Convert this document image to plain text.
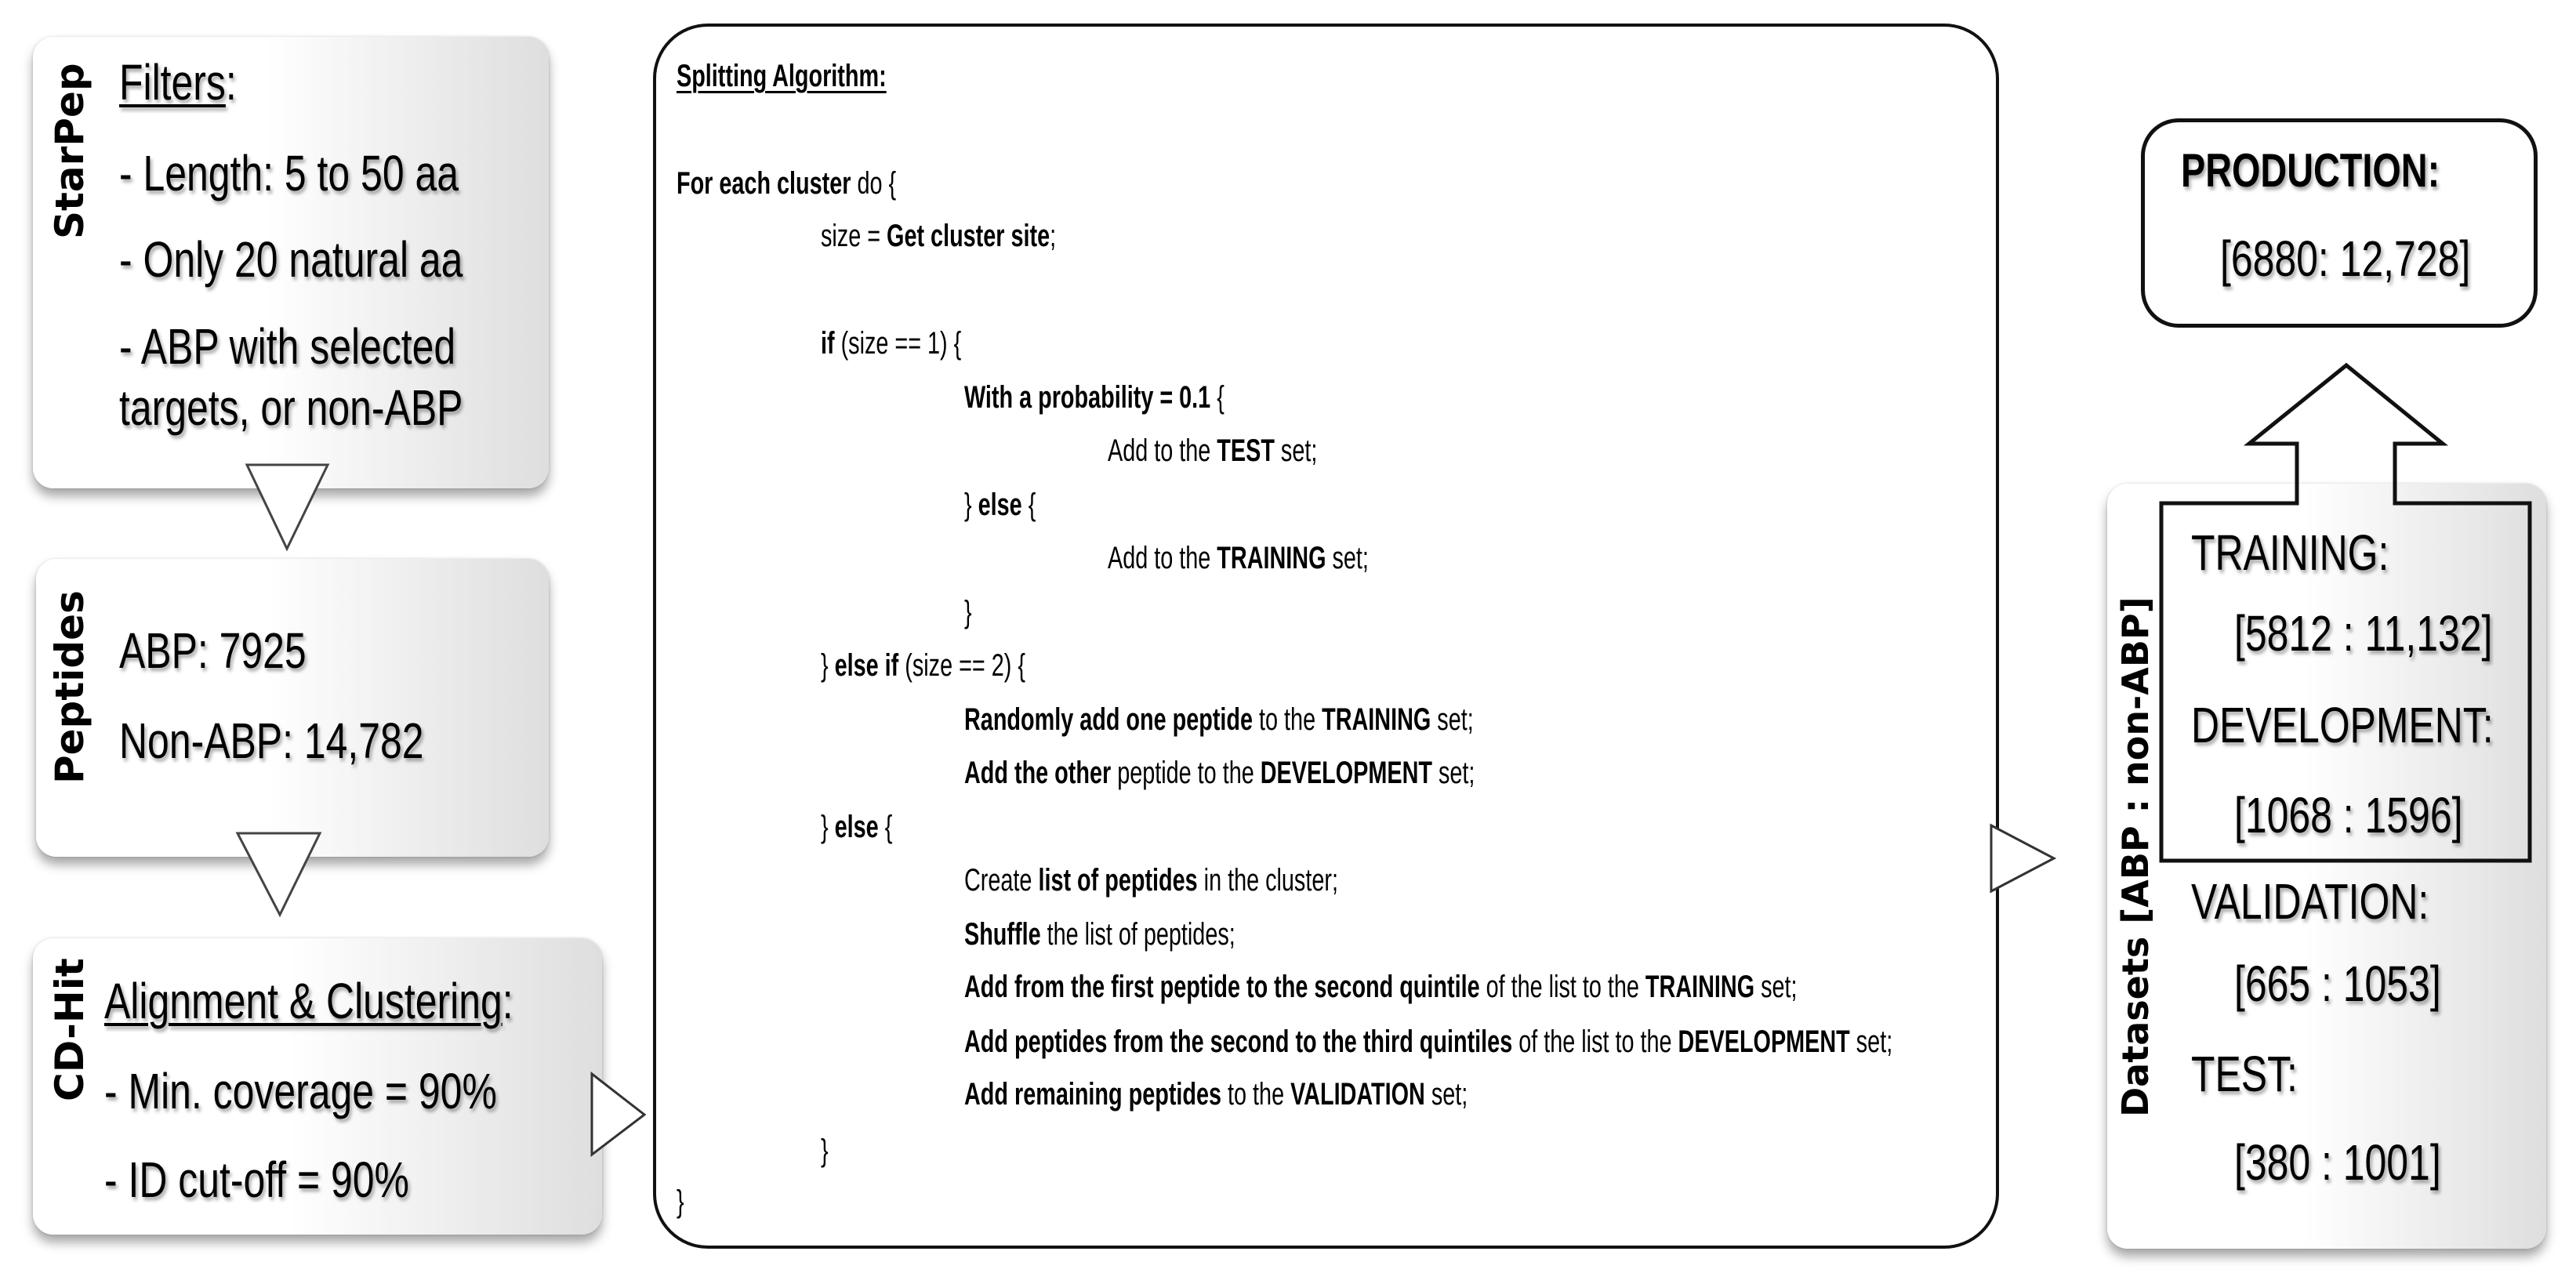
StarPep Filters:
- Length: 5 to 50 aa
- Only 20 natural aa
- ABP with selected
targets, or non-ABP
Peptides ABP: 7925
Non-ABP: 14,782
CD-Hit Alignment & Clustering:
- Min. coverage = 90%
- ID cut-off = 90%
Splitting Algorithm:
For each cluster do {
size = Get cluster site;
if (size == 1) {
With a probability = 0.1 {
Add to the TEST set;
} else {
Add to the TRAINING set;
}
} else if (size == 2) {
Randomly add one peptide to the TRAINING set;
Add the other peptide to the DEVELOPMENT set;
} else {
Create list of peptides in the cluster;
Shuffle the list of peptides;
Add from the first peptide to the second quintile of the list to the TRAINING set;
Add peptides from the second to the third quintiles of the list to the DEVELOPMENT set;
Add remaining peptides to the VALIDATION set;
}
}
PRODUCTION:
[6880: 12,728]
Datasets [ABP : non-ABP]
TRAINING:
[5812 : 11,132]
DEVELOPMENT:
[1068 : 1596]
VALIDATION:
[665 : 1053]
TEST:
[380 : 1001]
